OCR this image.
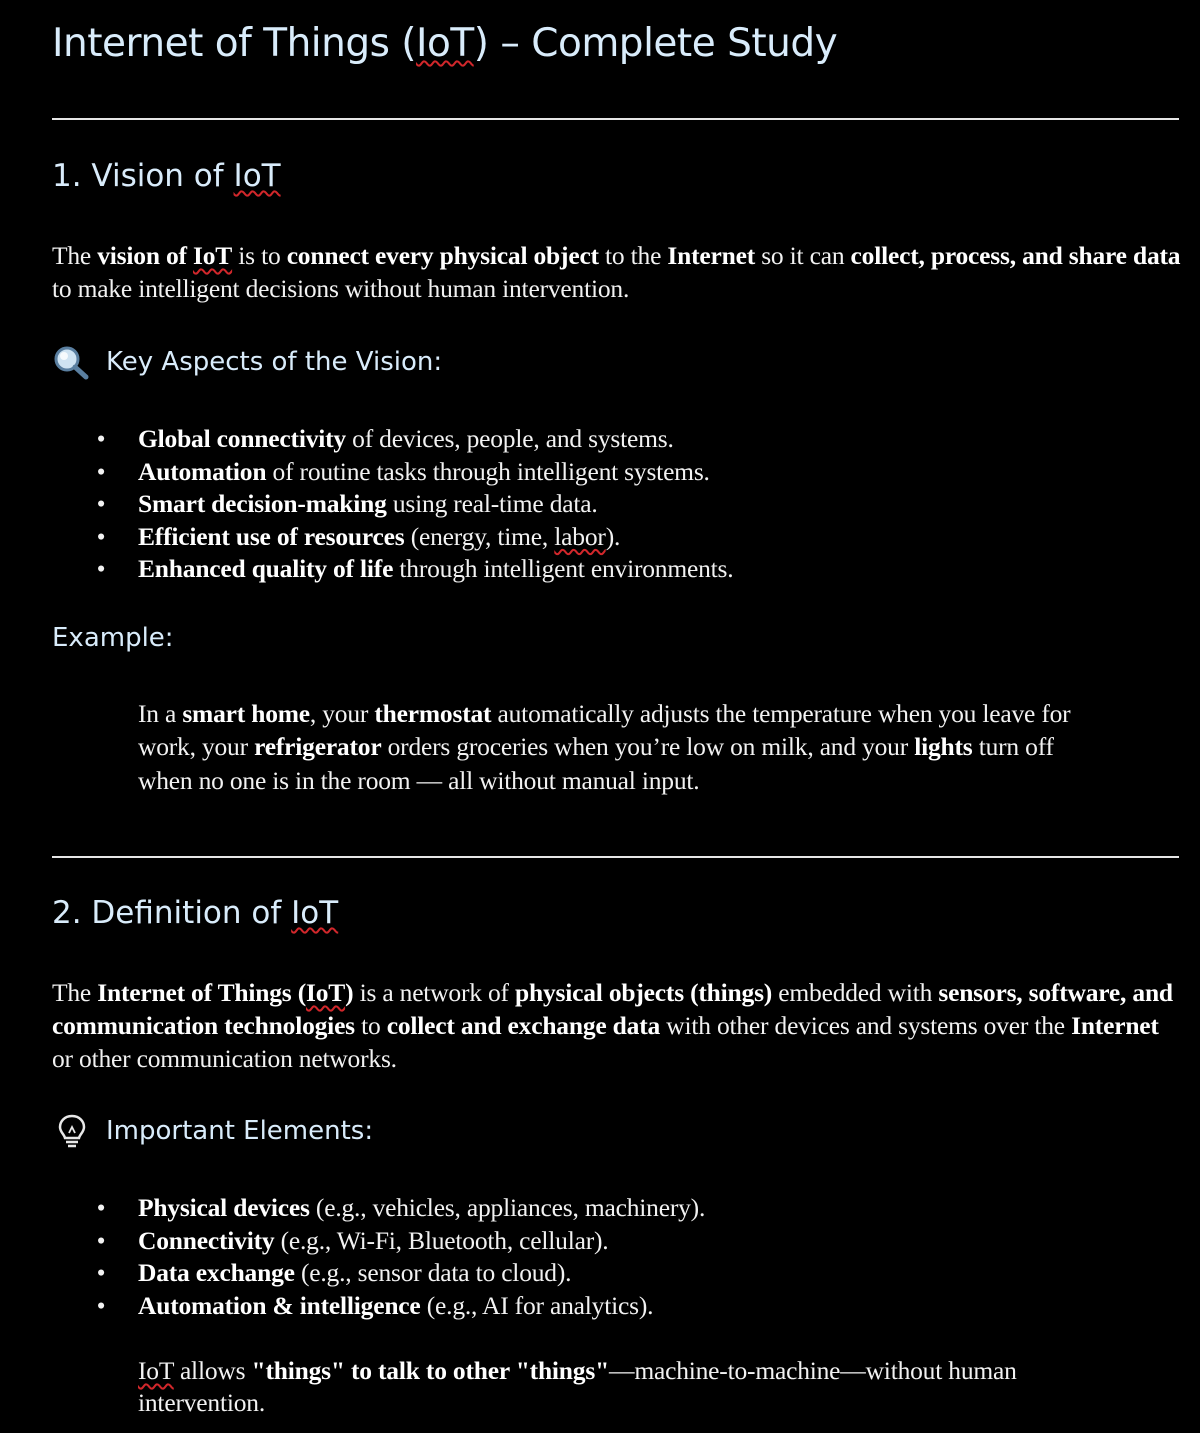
Internet of Things (IoT) – Complete Study
1. Vision of IoT
The vision of IoT is to connect every physical object to the Internet so it can collect, process, and share data to make intelligent decisions without human intervention.
Key Aspects of the Vision:
• Global connectivity of devices, people, and systems.
• Automation of routine tasks through intelligent systems.
• Smart decision-making using real-time data.
• Efficient use of resources (energy, time, labor).
• Enhanced quality of life through intelligent environments.
Example:
In a smart home, your thermostat automatically adjusts the temperature when you leave for work, your refrigerator orders groceries when you’re low on milk, and your lights turn off when no one is in the room — all without manual input.
2. Definition of IoT
The Internet of Things (IoT) is a network of physical objects (things) embedded with sensors, software, and communication technologies to collect and exchange data with other devices and systems over the Internet or other communication networks.
Important Elements:
• Physical devices (e.g., vehicles, appliances, machinery).
• Connectivity (e.g., Wi-Fi, Bluetooth, cellular).
• Data exchange (e.g., sensor data to cloud).
• Automation & intelligence (e.g., AI for analytics).
IoT allows "things" to talk to other "things"—machine-to-machine—without human intervention.
